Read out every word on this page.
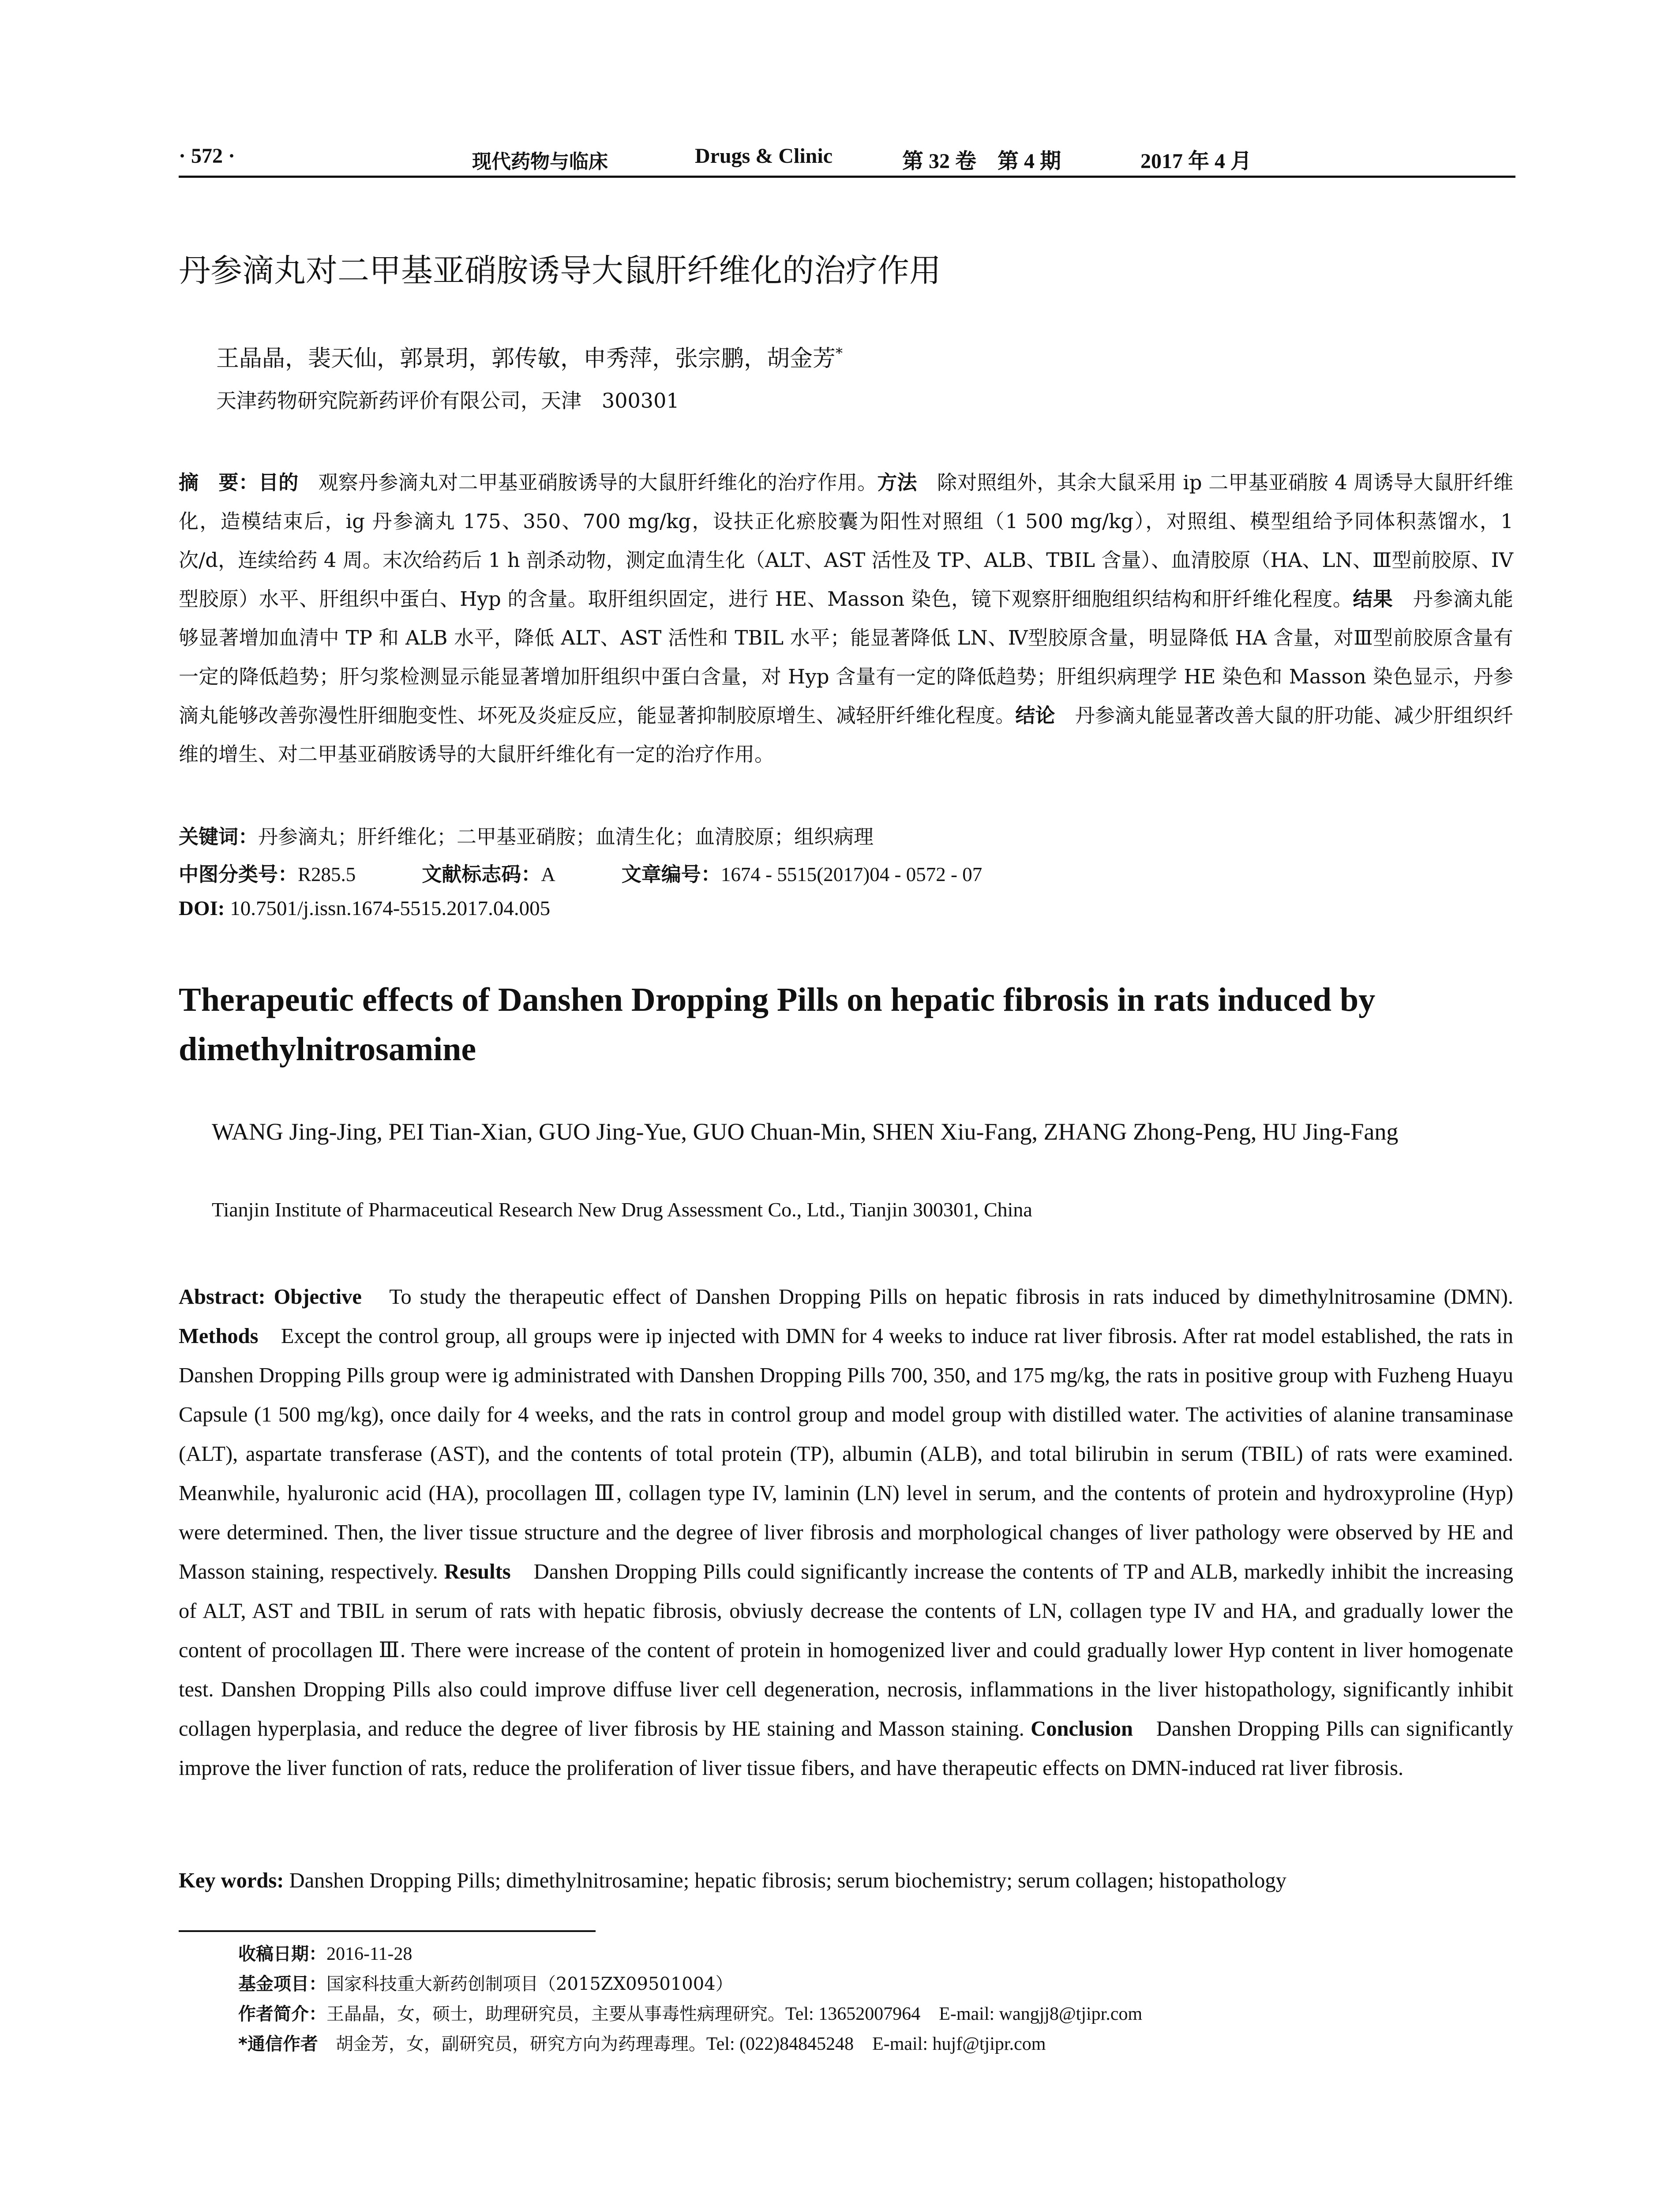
· 572 ·	现代药物与临床	Drugs & Clinic	第 32 卷　第 4 期	2017 年 4 月
丹参滴丸对二甲基亚硝胺诱导大鼠肝纤维化的治疗作用
王晶晶，裴天仙，郭景玥，郭传敏，申秀萍，张宗鹏，胡金芳*
天津药物研究院新药评价有限公司，天津　300301
摘　要：目的　观察丹参滴丸对二甲基亚硝胺诱导的大鼠肝纤维化的治疗作用。方法　除对照组外，其余大鼠采用 ip 二甲基亚硝胺 4 周诱导大鼠肝纤维化，造模结束后，ig 丹参滴丸 175、350、700 mg/kg，设扶正化瘀胶囊为阳性对照组（1 500 mg/kg），对照组、模型组给予同体积蒸馏水，1 次/d，连续给药 4 周。末次给药后 1 h 剖杀动物，测定血清生化（ALT、AST 活性及 TP、ALB、TBIL 含量）、血清胶原（HA、LN、Ⅲ型前胶原、IV 型胶原）水平、肝组织中蛋白、Hyp 的含量。取肝组织固定，进行 HE、Masson 染色，镜下观察肝细胞组织结构和肝纤维化程度。结果　丹参滴丸能够显著增加血清中 TP 和 ALB 水平，降低 ALT、AST 活性和 TBIL 水平；能显著降低 LN、Ⅳ型胶原含量，明显降低 HA 含量，对Ⅲ型前胶原含量有一定的降低趋势；肝匀浆检测显示能显著增加肝组织中蛋白含量，对 Hyp 含量有一定的降低趋势；肝组织病理学 HE 染色和 Masson 染色显示，丹参滴丸能够改善弥漫性肝细胞变性、坏死及炎症反应，能显著抑制胶原增生、减轻肝纤维化程度。结论　丹参滴丸能显著改善大鼠的肝功能、减少肝组织纤维的增生、对二甲基亚硝胺诱导的大鼠肝纤维化有一定的治疗作用。
关键词：丹参滴丸；肝纤维化；二甲基亚硝胺；血清生化；血清胶原；组织病理
中图分类号：R285.5	文献标志码：A	文章编号：1674 - 5515(2017)04 - 0572 - 07
DOI: 10.7501/j.issn.1674-5515.2017.04.005
Therapeutic effects of Danshen Dropping Pills on hepatic fibrosis in rats induced by dimethylnitrosamine
WANG Jing-Jing, PEI Tian-Xian, GUO Jing-Yue, GUO Chuan-Min, SHEN Xiu-Fang, ZHANG Zhong-Peng, HU Jing-Fang
Tianjin Institute of Pharmaceutical Research New Drug Assessment Co., Ltd., Tianjin 300301, China
Abstract: Objective　To study the therapeutic effect of Danshen Dropping Pills on hepatic fibrosis in rats induced by dimethylnitrosamine (DMN). Methods　Except the control group, all groups were ip injected with DMN for 4 weeks to induce rat liver fibrosis. After rat model established, the rats in Danshen Dropping Pills group were ig administrated with Danshen Dropping Pills 700, 350, and 175 mg/kg, the rats in positive group with Fuzheng Huayu Capsule (1 500 mg/kg), once daily for 4 weeks, and the rats in control group and model group with distilled water. The activities of alanine transaminase (ALT), aspartate transferase (AST), and the contents of total protein (TP), albumin (ALB), and total bilirubin in serum (TBIL) of rats were examined. Meanwhile, hyaluronic acid (HA), procollagen Ⅲ, collagen type IV, laminin (LN) level in serum, and the contents of protein and hydroxyproline (Hyp) were determined. Then, the liver tissue structure and the degree of liver fibrosis and morphological changes of liver pathology were observed by HE and Masson staining, respectively. Results　Danshen Dropping Pills could significantly increase the contents of TP and ALB, markedly inhibit the increasing of ALT, AST and TBIL in serum of rats with hepatic fibrosis, obviusly decrease the contents of LN, collagen type IV and HA, and gradually lower the content of procollagen Ⅲ. There were increase of the content of protein in homogenized liver and could gradually lower Hyp content in liver homogenate test. Danshen Dropping Pills also could improve diffuse liver cell degeneration, necrosis, inflammations in the liver histopathology, significantly inhibit collagen hyperplasia, and reduce the degree of liver fibrosis by HE staining and Masson staining. Conclusion　Danshen Dropping Pills can significantly improve the liver function of rats, reduce the proliferation of liver tissue fibers, and have therapeutic effects on DMN-induced rat liver fibrosis.
Key words: Danshen Dropping Pills; dimethylnitrosamine; hepatic fibrosis; serum biochemistry; serum collagen; histopathology
收稿日期：2016-11-28
基金项目：国家科技重大新药创制项目（2015ZX09501004）
作者简介：王晶晶，女，硕士，助理研究员，主要从事毒性病理研究。Tel: 13652007964　E-mail: wangjj8@tjipr.com
*通信作者　胡金芳，女，副研究员，研究方向为药理毒理。Tel: (022)84845248　E-mail: hujf@tjipr.com
